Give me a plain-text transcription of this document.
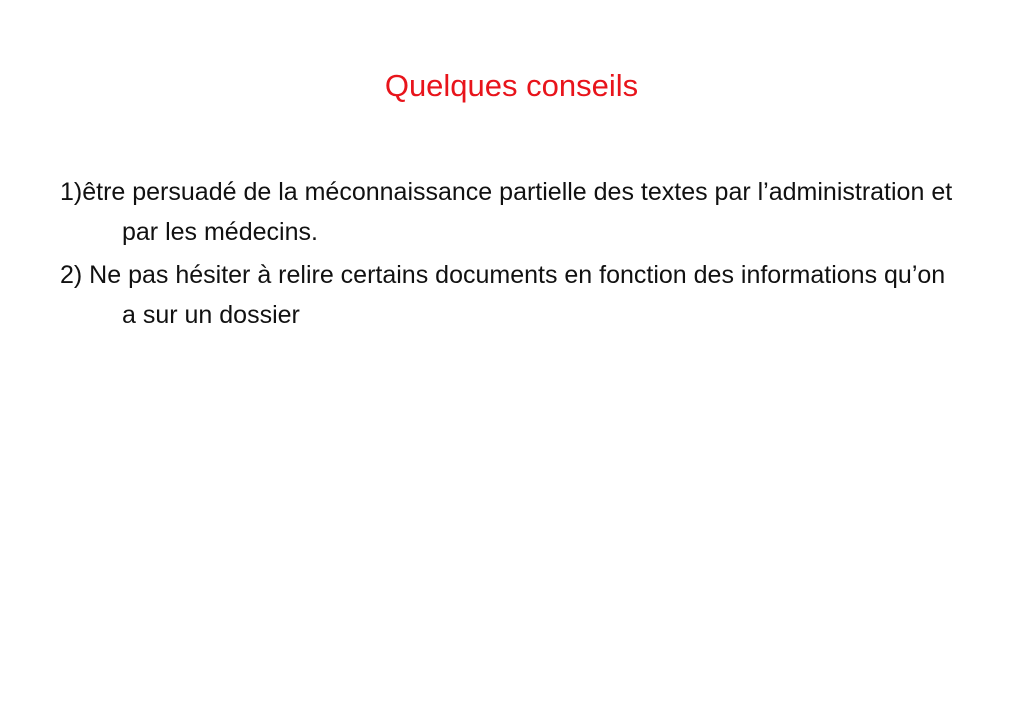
Quelques conseils
1)être persuadé de la méconnaissance partielle des textes par l’administration et par les médecins.
2) Ne pas hésiter à relire certains documents en fonction des informations qu’on a sur un dossier
